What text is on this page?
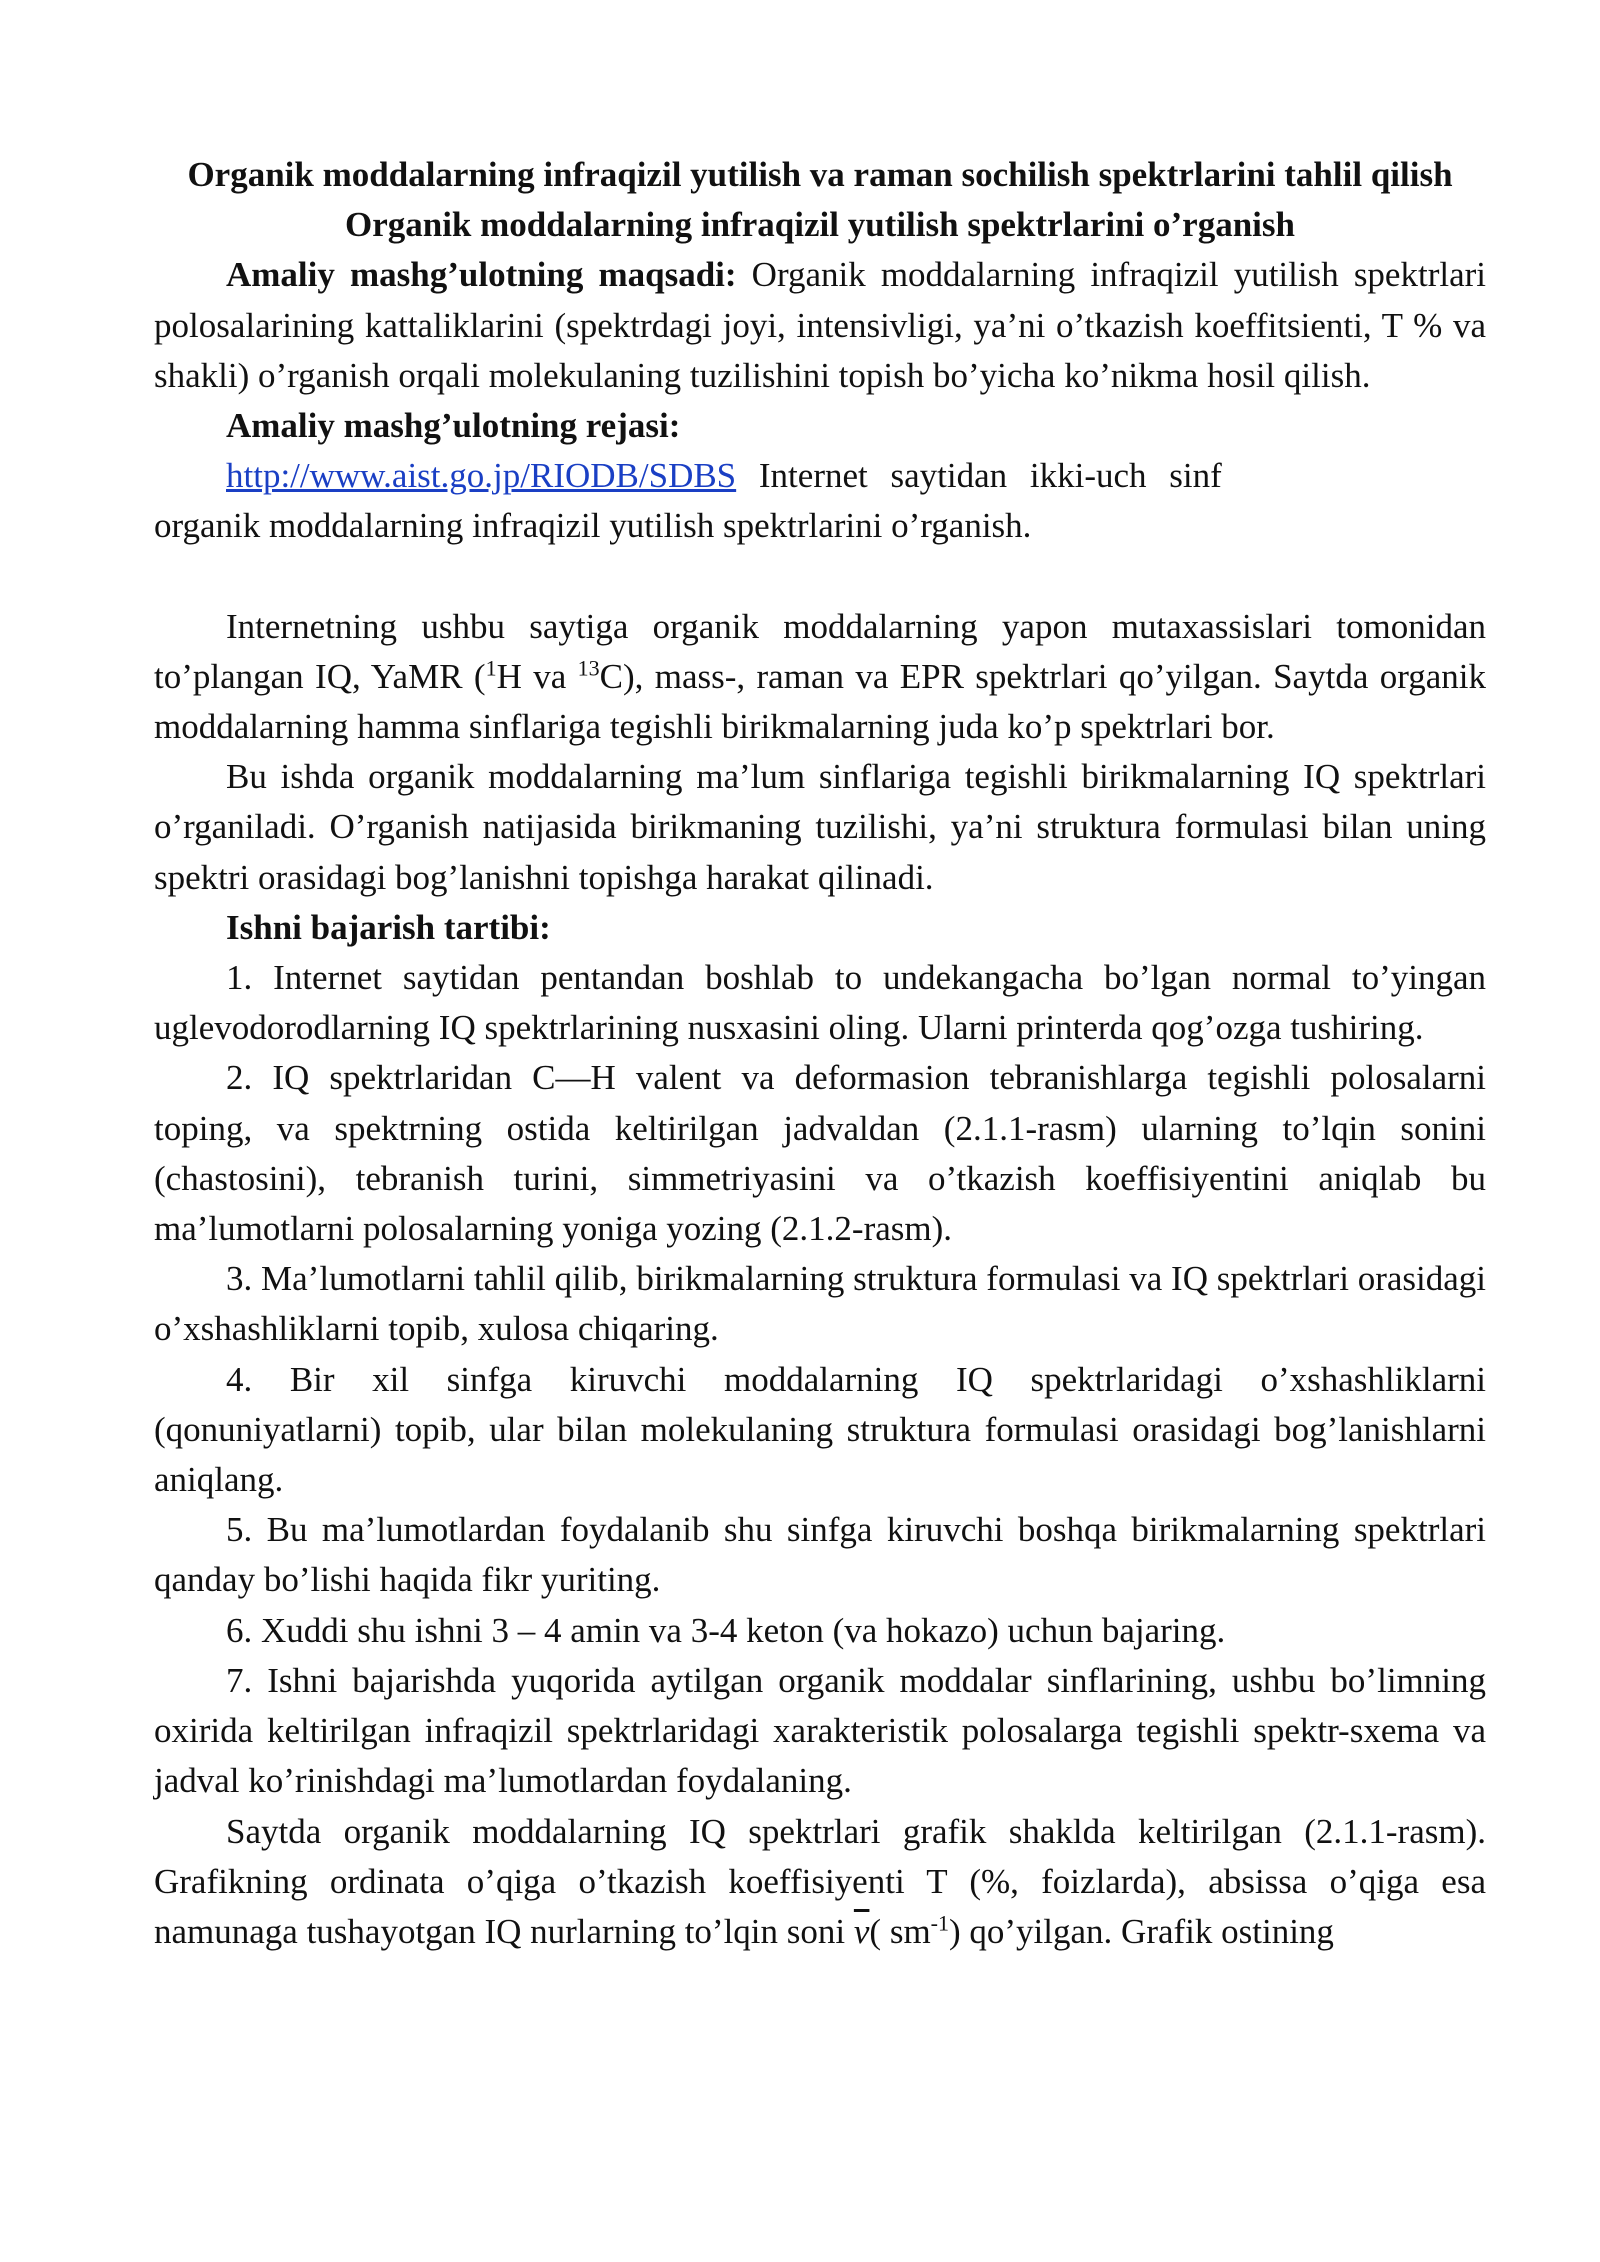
Organik moddalarning infraqizil yutilish va raman sochilish spektrlarini tahlil qilish

Organik moddalarning infraqizil yutilish spektrlarini o’rganish

Amaliy mashg’ulotning maqsadi: Organik moddalarning infraqizil yutilish spektrlari polosalarining kattaliklarini (spektrdagi joyi, intensivligi, ya’ni o’tkazish koeffitsienti, T % va shakli) o’rganish orqali molekulaning tuzilishini topish bo’yicha ko’nikma hosil qilish.

Amaliy mashg’ulotning rejasi:

http://www.aist.go.jp/RIODB/SDBS Internet saytidan ikki-uch sinf

organik moddalarning infraqizil yutilish spektrlarini o’rganish.

Internetning ushbu saytiga organik moddalarning yapon mutaxassislari tomonidan to’plangan IQ, YaMR ($^1$H va $^{13}$C), mass-, raman va EPR spektrlari qo’yilgan. Saytda organik moddalarning hamma sinflariga tegishli birikmalarning juda ko’p spektrlari bor.

Bu ishda organik moddalarning ma’lum sinflariga tegishli birikmalarning IQ spektrlari o’rganiladi. O’rganish natijasida birikmaning tuzilishi, ya’ni struktura formulasi bilan uning spektri orasidagi bog’lanishni topishga harakat qilinadi.

Ishni bajarish tartibi:

1. Internet saytidan pentandan boshlab to undekangacha bo’lgan normal to’yingan uglevodorodlarning IQ spektrlarining nusxasini oling. Ularni printerda qog’ozga tushiring.

2. IQ spektrlaridan C—H valent va deformasion tebranishlarga tegishli polosalarni toping, va spektrning ostida keltirilgan jadvaldan (2.1.1-rasm) ularning to’lqin sonini (chastosini), tebranish turini, simmetriyasini va o’tkazish koeffisiyentini aniqlab bu ma’lumotlarni polosalarning yoniga yozing (2.1.2-rasm).

3. Ma’lumotlarni tahlil qilib, birikmalarning struktura formulasi va IQ spektrlari orasidagi o’xshashliklarni topib, xulosa chiqaring.

4. Bir xil sinfga kiruvchi moddalarning IQ spektrlaridagi o’xshashliklarni (qonuniyatlarni) topib, ular bilan molekulaning struktura formulasi orasidagi bog’lanishlarni aniqlang.

5. Bu ma’lumotlardan foydalanib shu sinfga kiruvchi boshqa birikmalarning spektrlari qanday bo’lishi haqida fikr yuriting.

6. Xuddi shu ishni 3 – 4 amin va 3-4 keton (va hokazo) uchun bajaring.

7. Ishni bajarishda yuqorida aytilgan organik moddalar sinflarining, ushbu bo’limning oxirida keltirilgan infraqizil spektrlaridagi xarakteristik polosalarga tegishli spektr-sxema va jadval ko’rinishdagi ma’lumotlardan foydalaning.

Saytda organik moddalarning IQ spektrlari grafik shaklda keltirilgan (2.1.1-rasm). Grafikning ordinata o’qiga o’tkazish koeffisiyenti T (%, foizlarda), absissa o’qiga esa namunaga tushayotgan IQ nurlarning to’lqin soni $\overline{\nu}$( $sm^{-1}$) qo’yilgan. Grafik ostining
